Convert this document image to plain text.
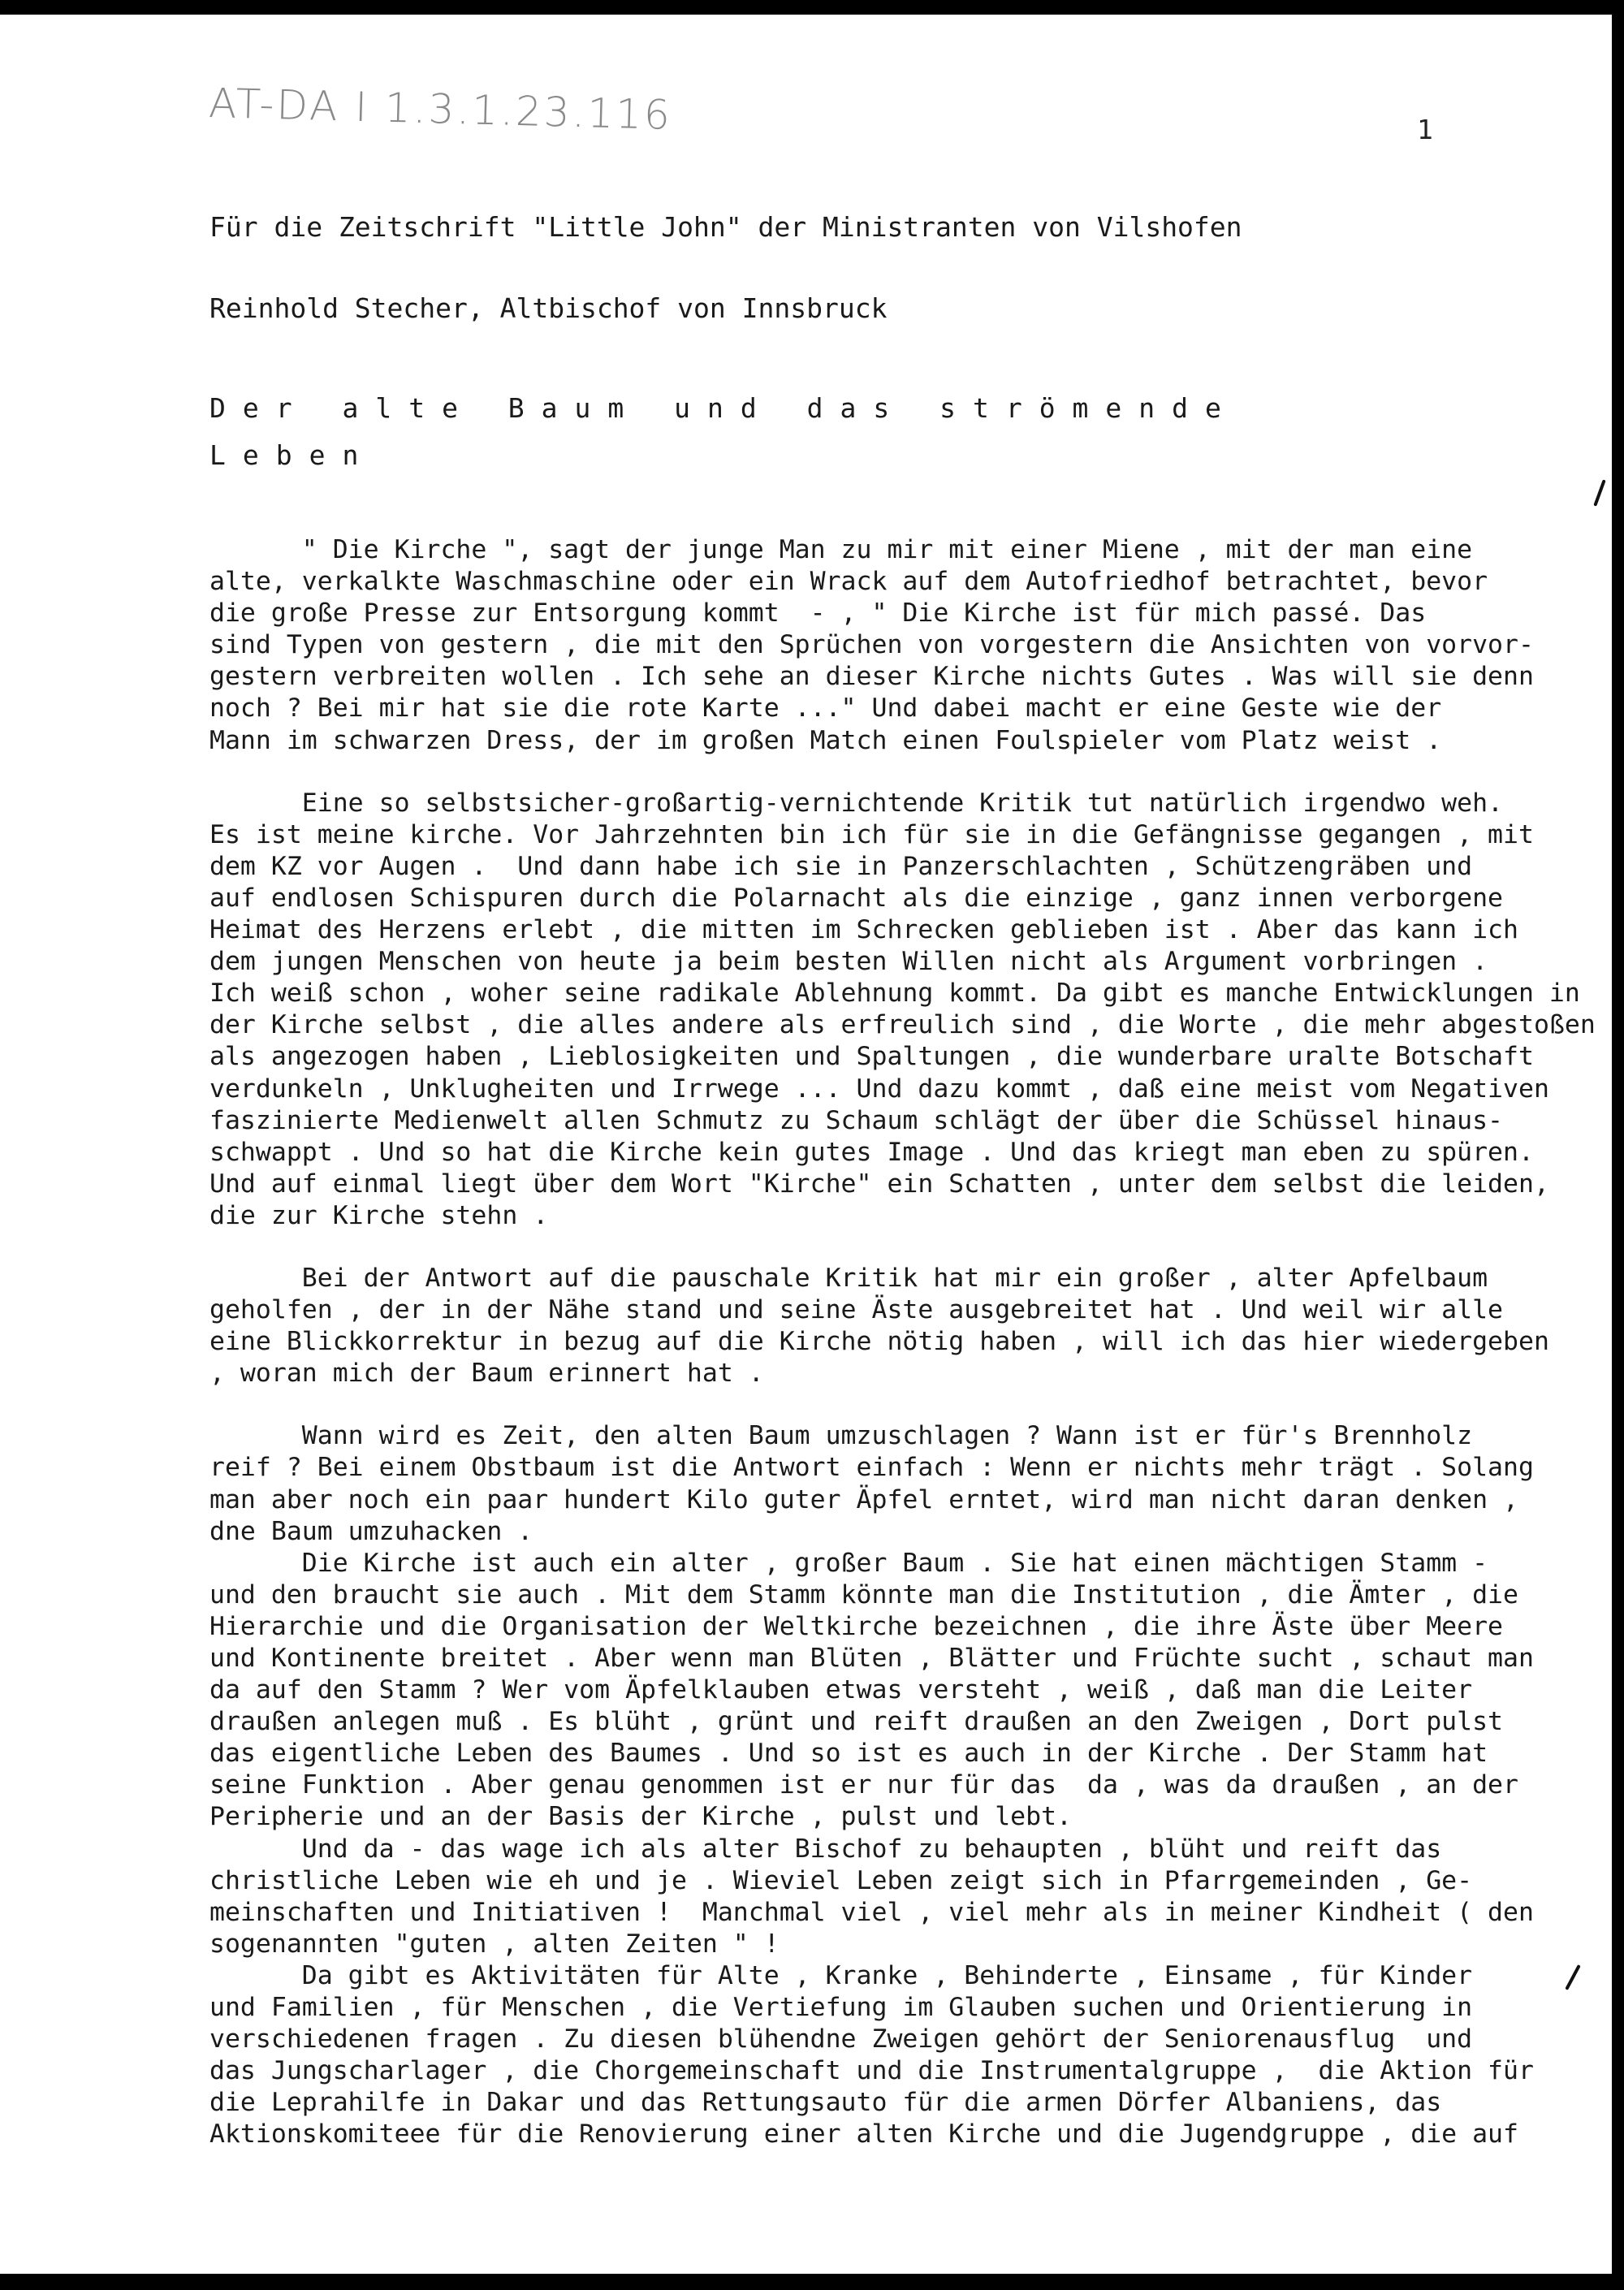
AT-DA I 1.3.1.23.116	1
Für die Zeitschrift "Little John" der Ministranten von Vilshofen
Reinhold Stecher, Altbischof von Innsbruck
Der alte Baum und das strömende
Leben
" Die Kirche ", sagt der junge Man zu mir mit einer Miene , mit der man eine
alte, verkalkte Waschmaschine oder ein Wrack auf dem Autofriedhof betrachtet, bevor
die große Presse zur Entsorgung kommt  - , " Die Kirche ist für mich passé. Das
sind Typen von gestern , die mit den Sprüchen von vorgestern die Ansichten von vorvor-
gestern verbreiten wollen . Ich sehe an dieser Kirche nichts Gutes . Was will sie denn
noch ? Bei mir hat sie die rote Karte ..." Und dabei macht er eine Geste wie der
Mann im schwarzen Dress, der im großen Match einen Foulspieler vom Platz weist .
Eine so selbstsicher-großartig-vernichtende Kritik tut natürlich irgendwo weh.
Es ist meine kirche. Vor Jahrzehnten bin ich für sie in die Gefängnisse gegangen , mit
dem KZ vor Augen .  Und dann habe ich sie in Panzerschlachten , Schützengräben und
auf endlosen Schispuren durch die Polarnacht als die einzige , ganz innen verborgene
Heimat des Herzens erlebt , die mitten im Schrecken geblieben ist . Aber das kann ich
dem jungen Menschen von heute ja beim besten Willen nicht als Argument vorbringen .
Ich weiß schon , woher seine radikale Ablehnung kommt. Da gibt es manche Entwicklungen in
der Kirche selbst , die alles andere als erfreulich sind , die Worte , die mehr abgestoßen
als angezogen haben , Lieblosigkeiten und Spaltungen , die wunderbare uralte Botschaft
verdunkeln , Unklugheiten und Irrwege ... Und dazu kommt , daß eine meist vom Negativen
faszinierte Medienwelt allen Schmutz zu Schaum schlägt der über die Schüssel hinaus-
schwappt . Und so hat die Kirche kein gutes Image . Und das kriegt man eben zu spüren.
Und auf einmal liegt über dem Wort "Kirche" ein Schatten , unter dem selbst die leiden,
die zur Kirche stehn .
Bei der Antwort auf die pauschale Kritik hat mir ein großer , alter Apfelbaum
geholfen , der in der Nähe stand und seine Äste ausgebreitet hat . Und weil wir alle
eine Blickkorrektur in bezug auf die Kirche nötig haben , will ich das hier wiedergeben
, woran mich der Baum erinnert hat .
Wann wird es Zeit, den alten Baum umzuschlagen ? Wann ist er für's Brennholz
reif ? Bei einem Obstbaum ist die Antwort einfach : Wenn er nichts mehr trägt . Solang
man aber noch ein paar hundert Kilo guter Äpfel erntet, wird man nicht daran denken ,
dne Baum umzuhacken .
Die Kirche ist auch ein alter , großer Baum . Sie hat einen mächtigen Stamm -
und den braucht sie auch . Mit dem Stamm könnte man die Institution , die Ämter , die
Hierarchie und die Organisation der Weltkirche bezeichnen , die ihre Äste über Meere
und Kontinente breitet . Aber wenn man Blüten , Blätter und Früchte sucht , schaut man
da auf den Stamm ? Wer vom Äpfelklauben etwas versteht , weiß , daß man die Leiter
draußen anlegen muß . Es blüht , grünt und reift draußen an den Zweigen , Dort pulst
das eigentliche Leben des Baumes . Und so ist es auch in der Kirche . Der Stamm hat
seine Funktion . Aber genau genommen ist er nur für das  da , was da draußen , an der
Peripherie und an der Basis der Kirche , pulst und lebt.
Und da - das wage ich als alter Bischof zu behaupten , blüht und reift das
christliche Leben wie eh und je . Wieviel Leben zeigt sich in Pfarrgemeinden , Ge-
meinschaften und Initiativen !  Manchmal viel , viel mehr als in meiner Kindheit ( den
sogenannten "guten , alten Zeiten " !
Da gibt es Aktivitäten für Alte , Kranke , Behinderte , Einsame , für Kinder
und Familien , für Menschen , die Vertiefung im Glauben suchen und Orientierung in
verschiedenen fragen . Zu diesen blühendne Zweigen gehört der Seniorenausflug  und
das Jungscharlager , die Chorgemeinschaft und die Instrumentalgruppe ,  die Aktion für
die Leprahilfe in Dakar und das Rettungsauto für die armen Dörfer Albaniens, das
Aktionskomiteee für die Renovierung einer alten Kirche und die Jugendgruppe , die auf
